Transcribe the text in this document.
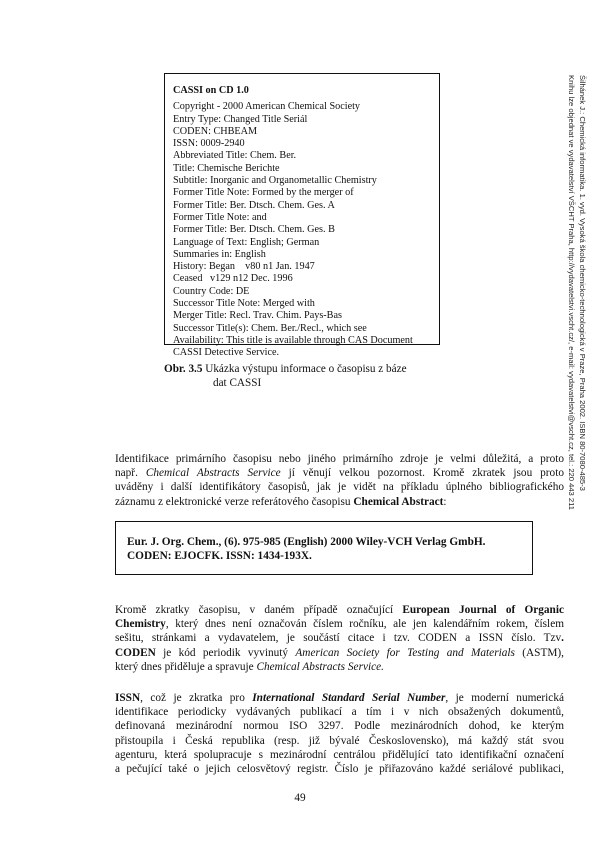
CASSI on CD 1.0
Copyright - 2000 American Chemical Society
Entry Type: Changed Title Seriál
CODEN: CHBEAM
ISSN: 0009-2940
Abbreviated Title: Chem. Ber.
Title: Chemische Berichte
Subtitle: Inorganic and Organometallic Chemistry
Former Title Note: Formed by the merger of
Former Title: Ber. Dtsch. Chem. Ges. A
Former Title Note: and
Former Title: Ber. Dtsch. Chem. Ges. B
Language of Text: English; German
Summaries in: English
History: Began    v80 n1 Jan. 1947
Ceased   v129 n12 Dec. 1996
Country Code: DE
Successor Title Note: Merged with
Merger Title: Recl. Trav. Chim. Pays-Bas
Successor Title(s): Chem. Ber./Recl., which see
Availability: This title is available through CAS Document
CASSI Detective Service.
Obr. 3.5 Ukázka výstupu informace o časopisu z báze
dat CASSI
Identifikace primárního časopisu nebo jiného primárního zdroje je velmi důležitá, a proto
např. Chemical Abstracts Service jí věnují velkou pozornost. Kromě zkratek jsou proto
uváděny i další identifikátory časopisů, jak je vidět na příkladu úplného bibliografického
záznamu z elektronické verze referátového časopisu Chemical Abstract:
Eur. J. Org. Chem., (6). 975-985 (English) 2000 Wiley-VCH Verlag GmbH.
CODEN: EJOCFK. ISSN: 1434-193X.
Kromě zkratky časopisu, v daném případě označující European Journal of Organic
Chemistry, který dnes není označován číslem ročníku, ale jen kalendářním rokem, číslem
sešitu, stránkami a vydavatelem, je součástí citace i tzv. CODEN a ISSN číslo. Tzv.
CODEN je kód periodik vyvinutý American Society for Testing and Materials (ASTM),
který dnes přiděluje a spravuje Chemical Abstracts Service.
ISSN, což je zkratka pro International Standard Serial Number, je moderní numerická
identifikace periodicky vydávaných publikací a tím i v nich obsažených dokumentů,
definovaná mezinárodní normou ISO 3297. Podle mezinárodních dohod, ke kterým
přistoupila i Česká republika (resp. již bývalé Československo), má každý stát svou
agenturu, která spolupracuje s mezinárodní centrálou přidělující tato identifikační označení
a pečující také o jejich celosvětový registr. Číslo je přiřazováno každé seriálové publikaci,
Šilhánek J.: Chemická informatika. 1. vyd. Vysoká škola chemicko-technologická v Praze, Praha 2002. ISBN 80-7080-485-3
Knihu lze objednat ve vydavatelství VŠCHT Praha, http://vydavatelstvi.vscht.cz/, e-mail: vydavatelstvi@vscht.cz, tel.: 220 443 211
49
